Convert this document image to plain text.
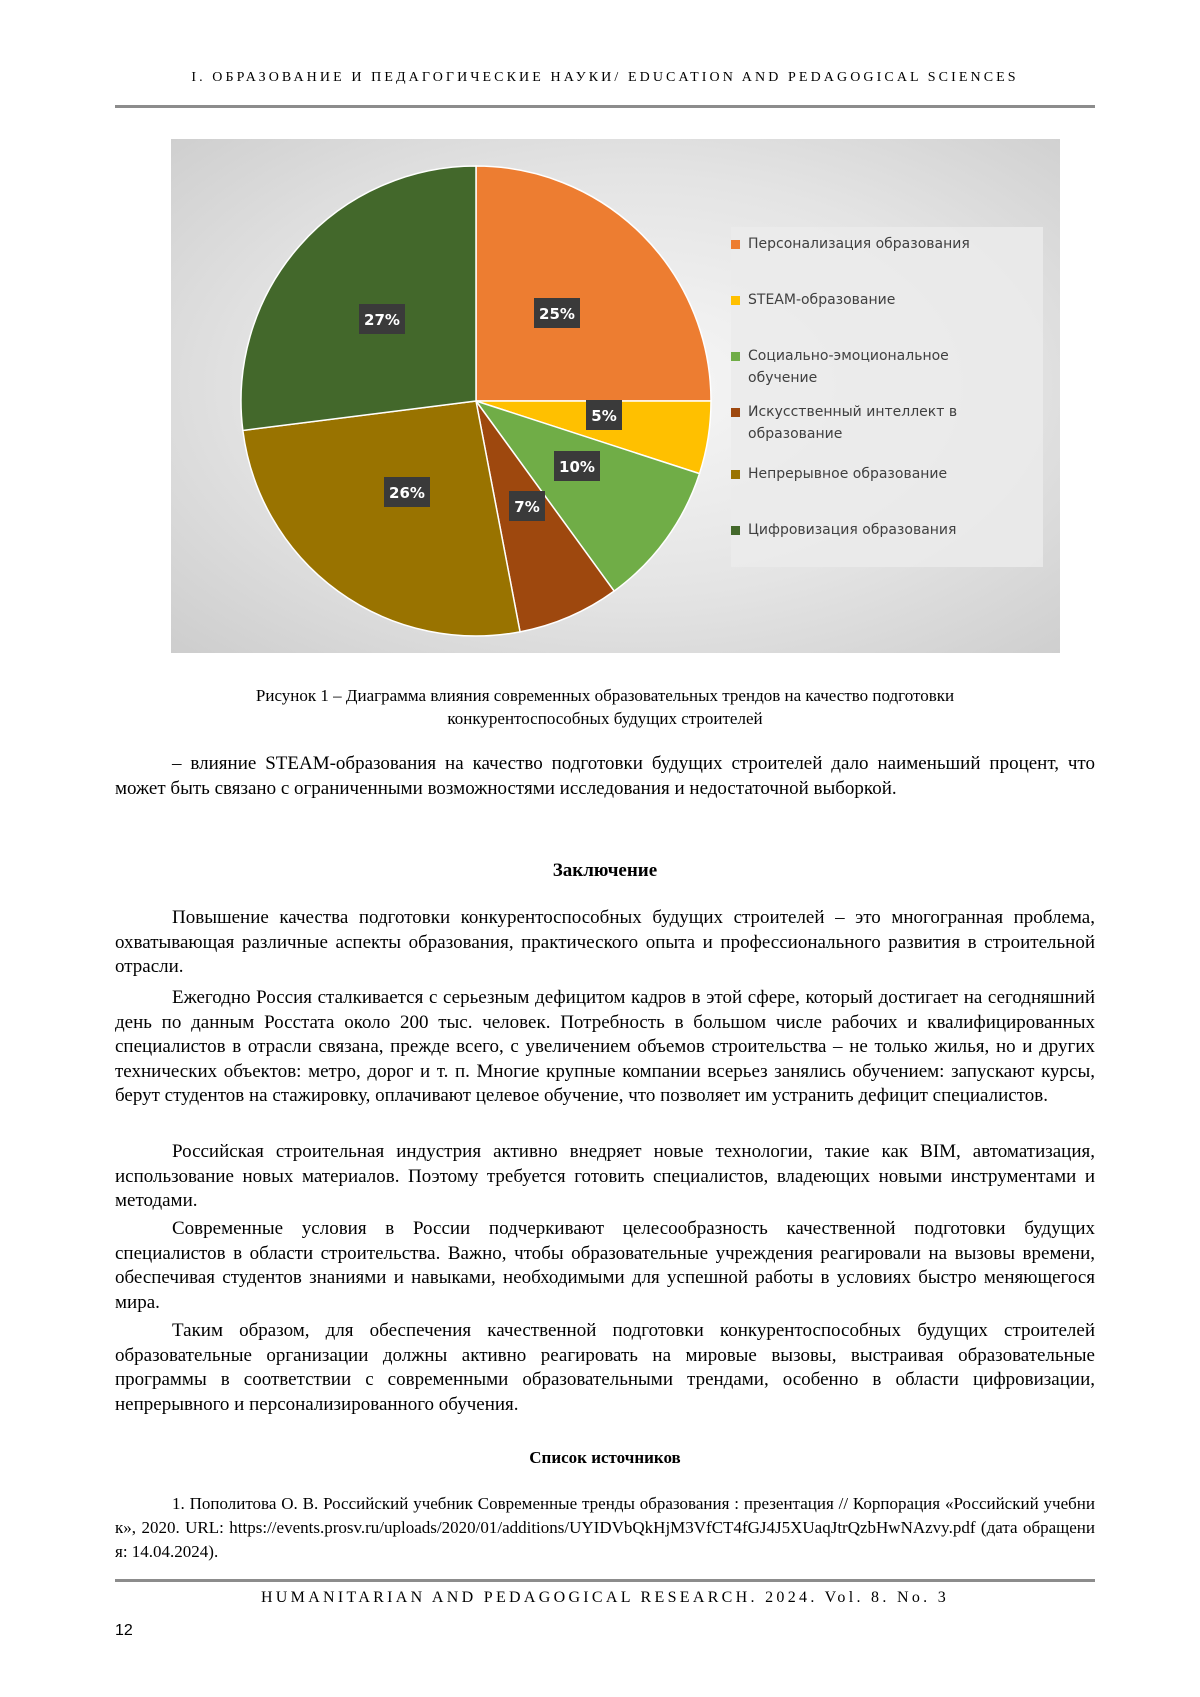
I. ОБРАЗОВАНИЕ И ПЕДАГОГИЧЕСКИЕ НАУКИ/ EDUCATION AND PEDAGOGICAL SCIENCES
25%
5%
10%
7%
26%
27%
Персонализация образования
STEAM-образование
Социально-эмоциональное
обучение
Искусственный интеллект в
образование
Непрерывное образование
Цифровизация образования
Рисунок 1 – Диаграмма влияния современных образовательных трендов на качество подготовки
конкурентоспособных будущих строителей

– влияние STEAM-образования на качество подготовки будущих строителей дало наименьший процент, что может быть связано с ограниченными возможностями исследования и недостаточной выборкой.

Заключение

Повышение качества подготовки конкурентоспособных будущих строителей – это многогранная проблема, охватывающая различные аспекты образования, практического опыта и профессионального развития в строительной отрасли.

Ежегодно Россия сталкивается с серьезным дефицитом кадров в этой сфере, который достигает на сегодняшний день по данным Росстата около 200 тыс. человек. Потребность в большом числе рабочих и квалифицированных специалистов в отрасли связана, прежде всего, с увеличением объемов строительства – не только жилья, но и других технических объектов: метро, дорог и т. п. Многие крупные компании всерьез занялись обучением: запускают курсы, берут студентов на стажировку, оплачивают целевое обучение, что позволяет им устранить дефицит специалистов.

Российская строительная индустрия активно внедряет новые технологии, такие как BIM, автоматизация, использование новых материалов. Поэтому требуется готовить специалистов, владеющих новыми инструментами и методами.

Современные условия в России подчеркивают целесообразность качественной подготовки будущих специалистов в области строительства. Важно, чтобы образовательные учреждения реагировали на вызовы времени, обеспечивая студентов знаниями и навыками, необходимыми для успешной работы в условиях быстро меняющегося мира.

Таким образом, для обеспечения качественной подготовки конкурентоспособных будущих строителей образовательные организации должны активно реагировать на мировые вызовы, выстраивая образовательные программы в соответствии с современными образовательными трендами, особенно в области цифровизации, непрерывного и персонализированного обучения.

Список источников

1. Пополитова О. В. Российский учебник Современные тренды образования : презентация // Корпорация «Российский учебник», 2020. URL: https://events.prosv.ru/uploads/2020/01/additions/UYIDVbQkHjM3VfCT4fGJ4J5XUaqJtrQzbHwNAzvy.pdf (дата обращения: 14.04.2024).

HUMANITARIAN AND PEDAGOGICAL RESEARCH. 2024. Vol. 8. No. 3
12
